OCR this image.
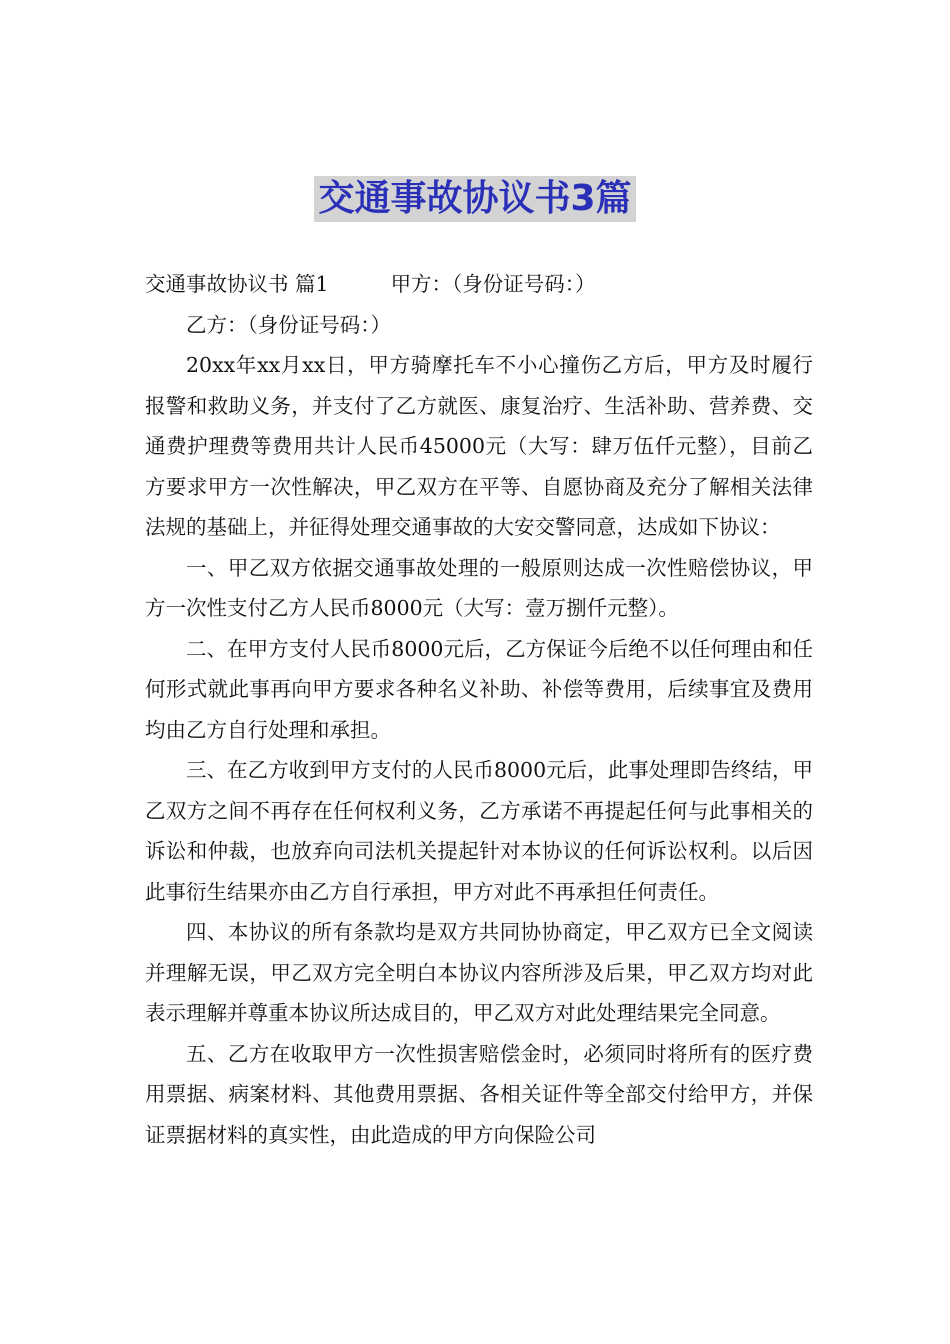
交通事故协议书3篇

交通事故协议书 篇1	甲方：（身份证号码：）

乙方：（身份证号码：）

20xx年xx月xx日，甲方骑摩托车不小心撞伤乙方后，甲方及时履行报警和救助义务，并支付了乙方就医、康复治疗、生活补助、营养费、交通费护理费等费用共计人民币45000元（大写：肆万伍仟元整），目前乙方要求甲方一次性解决，甲乙双方在平等、自愿协商及充分了解相关法律法规的基础上，并征得处理交通事故的大安交警同意，达成如下协议：

一、甲乙双方依据交通事故处理的一般原则达成一次性赔偿协议，甲方一次性支付乙方人民币8000元（大写：壹万捌仟元整）。

二、在甲方支付人民币8000元后，乙方保证今后绝不以任何理由和任何形式就此事再向甲方要求各种名义补助、补偿等费用，后续事宜及费用均由乙方自行处理和承担。

三、在乙方收到甲方支付的人民币8000元后，此事处理即告终结，甲乙双方之间不再存在任何权利义务，乙方承诺不再提起任何与此事相关的诉讼和仲裁，也放弃向司法机关提起针对本协议的任何诉讼权利。以后因此事衍生结果亦由乙方自行承担，甲方对此不再承担任何责任。

四、本协议的所有条款均是双方共同协协商定，甲乙双方已全文阅读并理解无误，甲乙双方完全明白本协议内容所涉及后果，甲乙双方均对此表示理解并尊重本协议所达成目的，甲乙双方对此处理结果完全同意。

五、乙方在收取甲方一次性损害赔偿金时，必须同时将所有的医疗费用票据、病案材料、其他费用票据、各相关证件等全部交付给甲方，并保证票据材料的真实性，由此造成的甲方向保险公司
